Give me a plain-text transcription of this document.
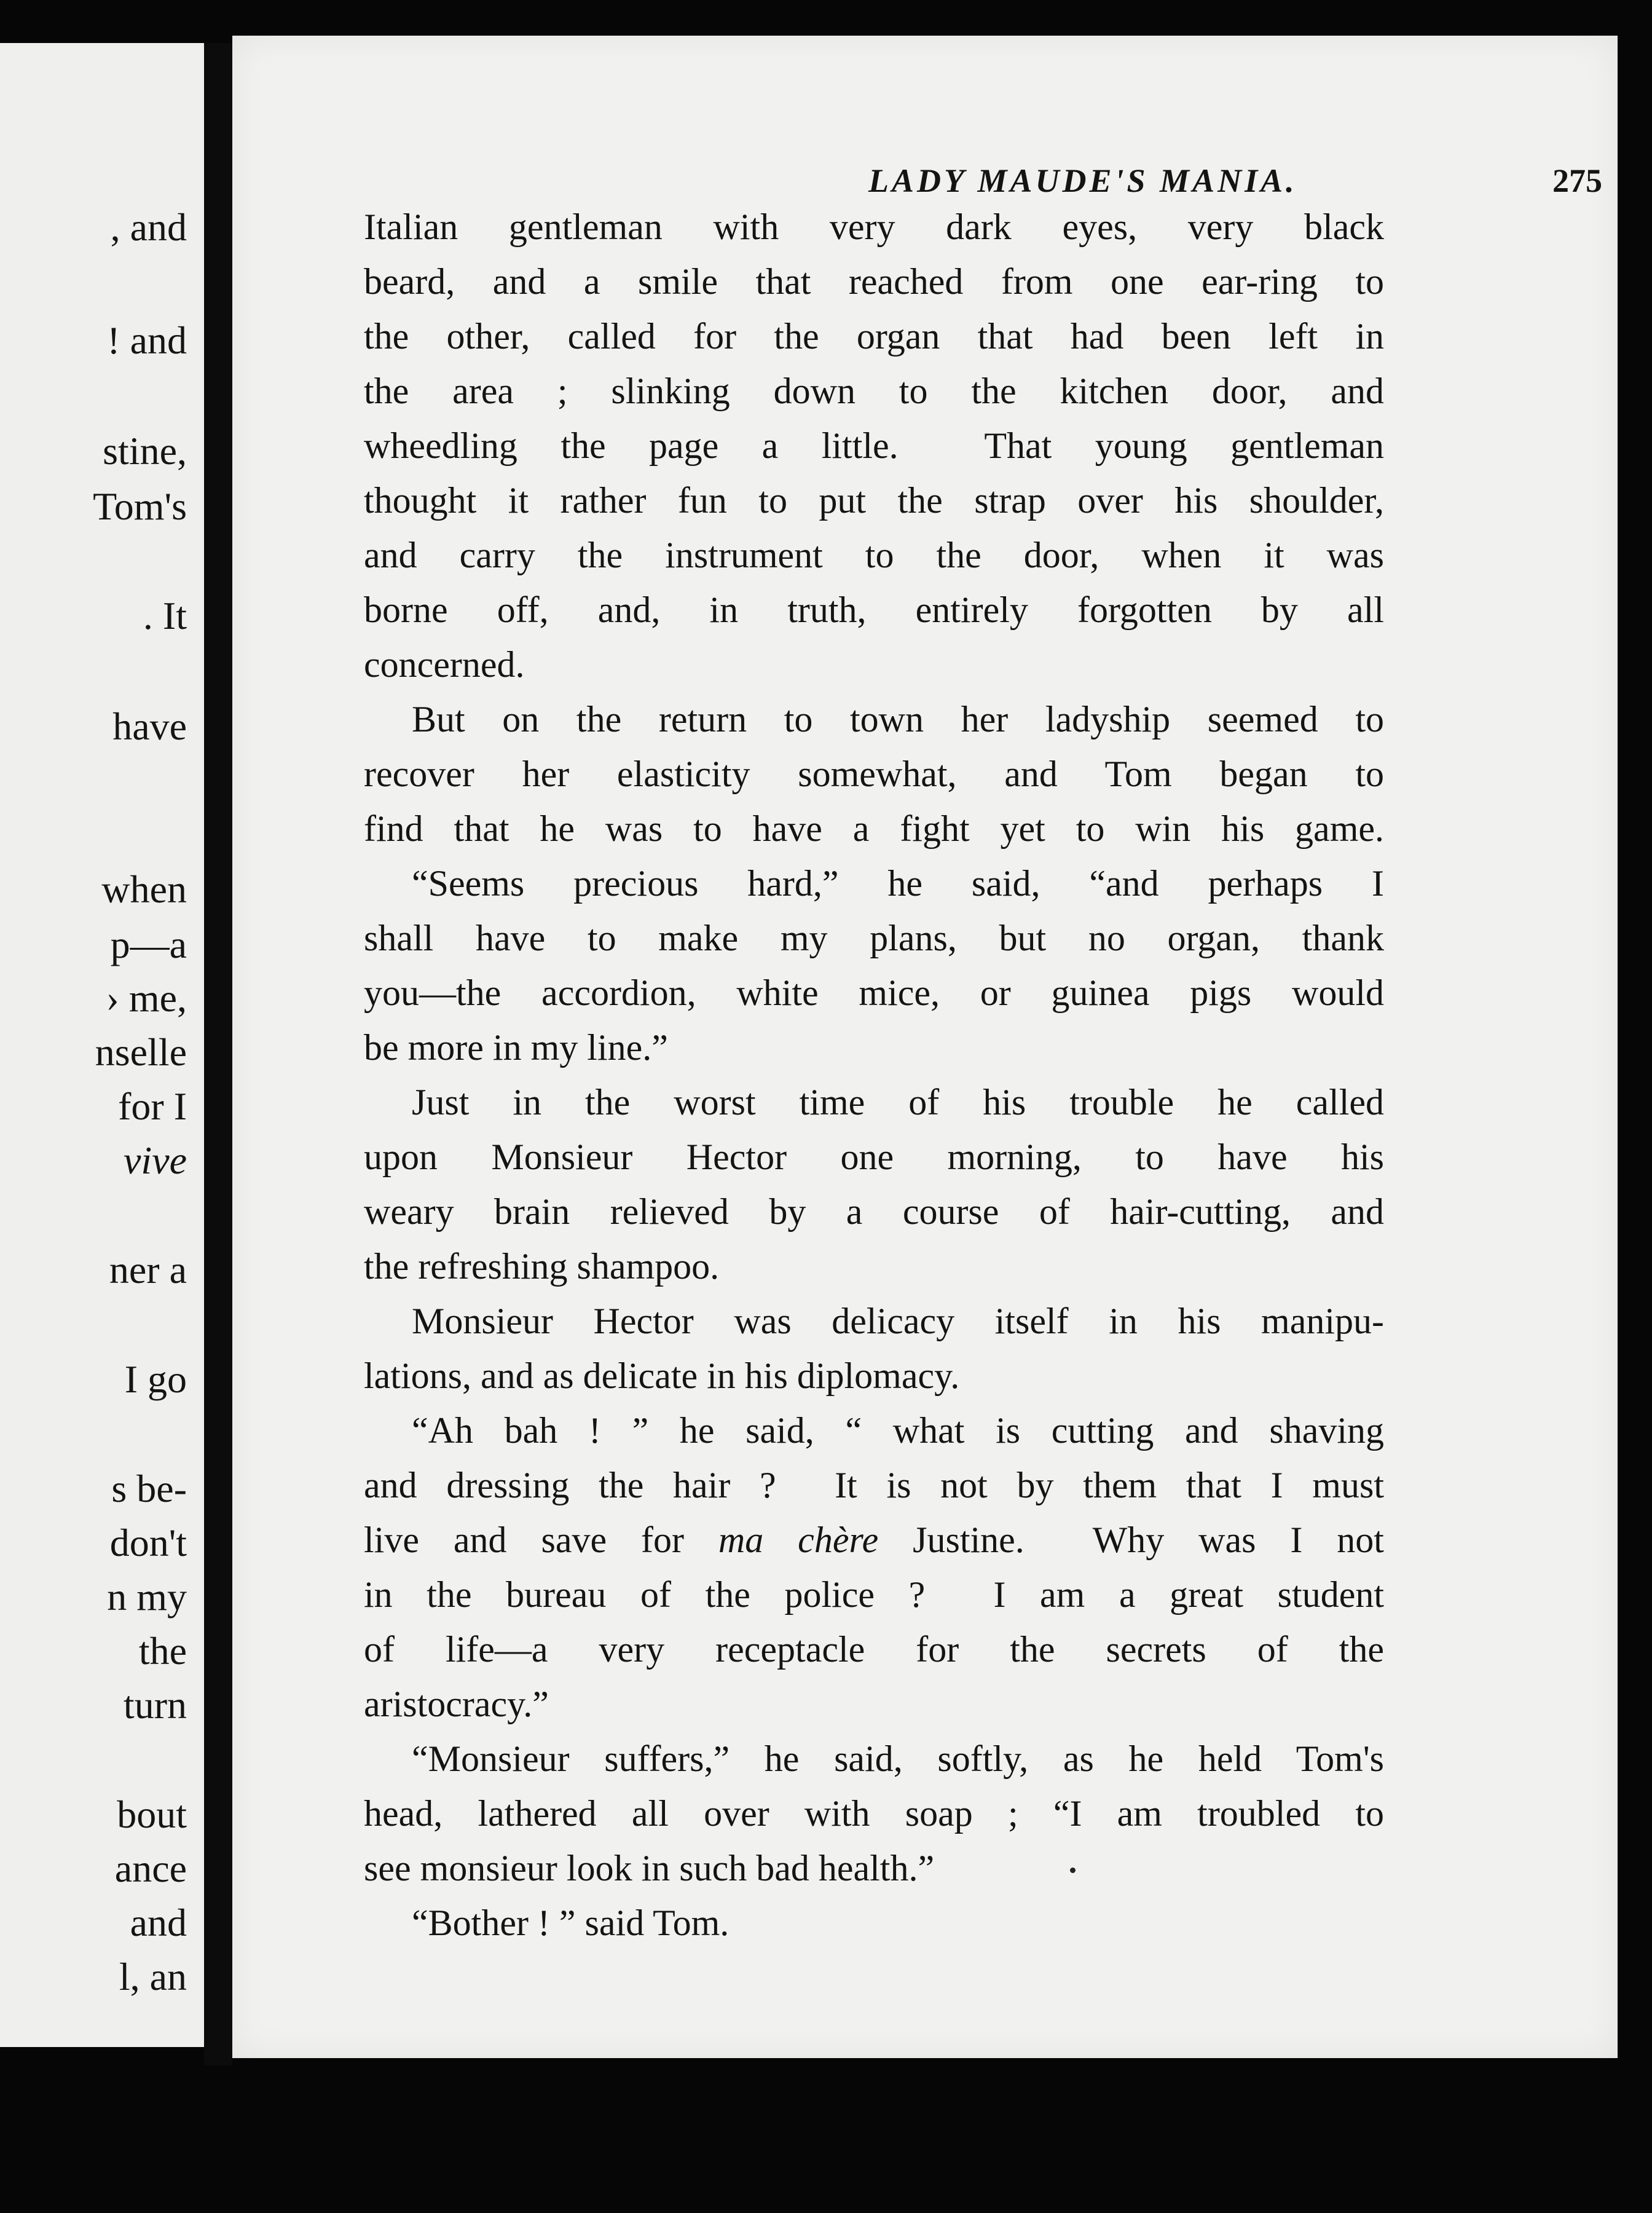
, and
! and
stine,
Tom's
. It
have
when
p—a
› me,
nselle
for I
vive
ner a
I go
s be-
don't
n my
the
turn
bout
ance
and
l, an
LADY MAUDE'S MANIA.	275
Italian gentleman with very dark eyes, very black
beard, and a smile that reached from one ear-ring to
the other, called for the organ that had been left in
the area ; slinking down to the kitchen door, and
wheedling the page a little.  That young gentleman
thought it rather fun to put the strap over his shoulder,
and carry the instrument to the door, when it was
borne off, and, in truth, entirely forgotten by all
concerned.
But on the return to town her ladyship seemed to
recover her elasticity somewhat, and Tom began to
find that he was to have a fight yet to win his game.
“Seems precious hard,” he said, “and perhaps I
shall have to make my plans, but no organ, thank
you—the accordion, white mice, or guinea pigs would
be more in my line.”
Just in the worst time of his trouble he called
upon Monsieur Hector one morning, to have his
weary brain relieved by a course of hair-cutting, and
the refreshing shampoo.
Monsieur Hector was delicacy itself in his manipu-
lations, and as delicate in his diplomacy.
“Ah bah ! ” he said, “ what is cutting and shaving
and dressing the hair ?  It is not by them that I must
live and save for ma chère Justine.  Why was I not
in the bureau of the police ?  I am a great student
of life—a very receptacle for the secrets of the
aristocracy.”
“Monsieur suffers,” he said, softly, as he held Tom's
head, lathered all over with soap ; “I am troubled to
see monsieur look in such bad health.”
“Bother ! ” said Tom.
